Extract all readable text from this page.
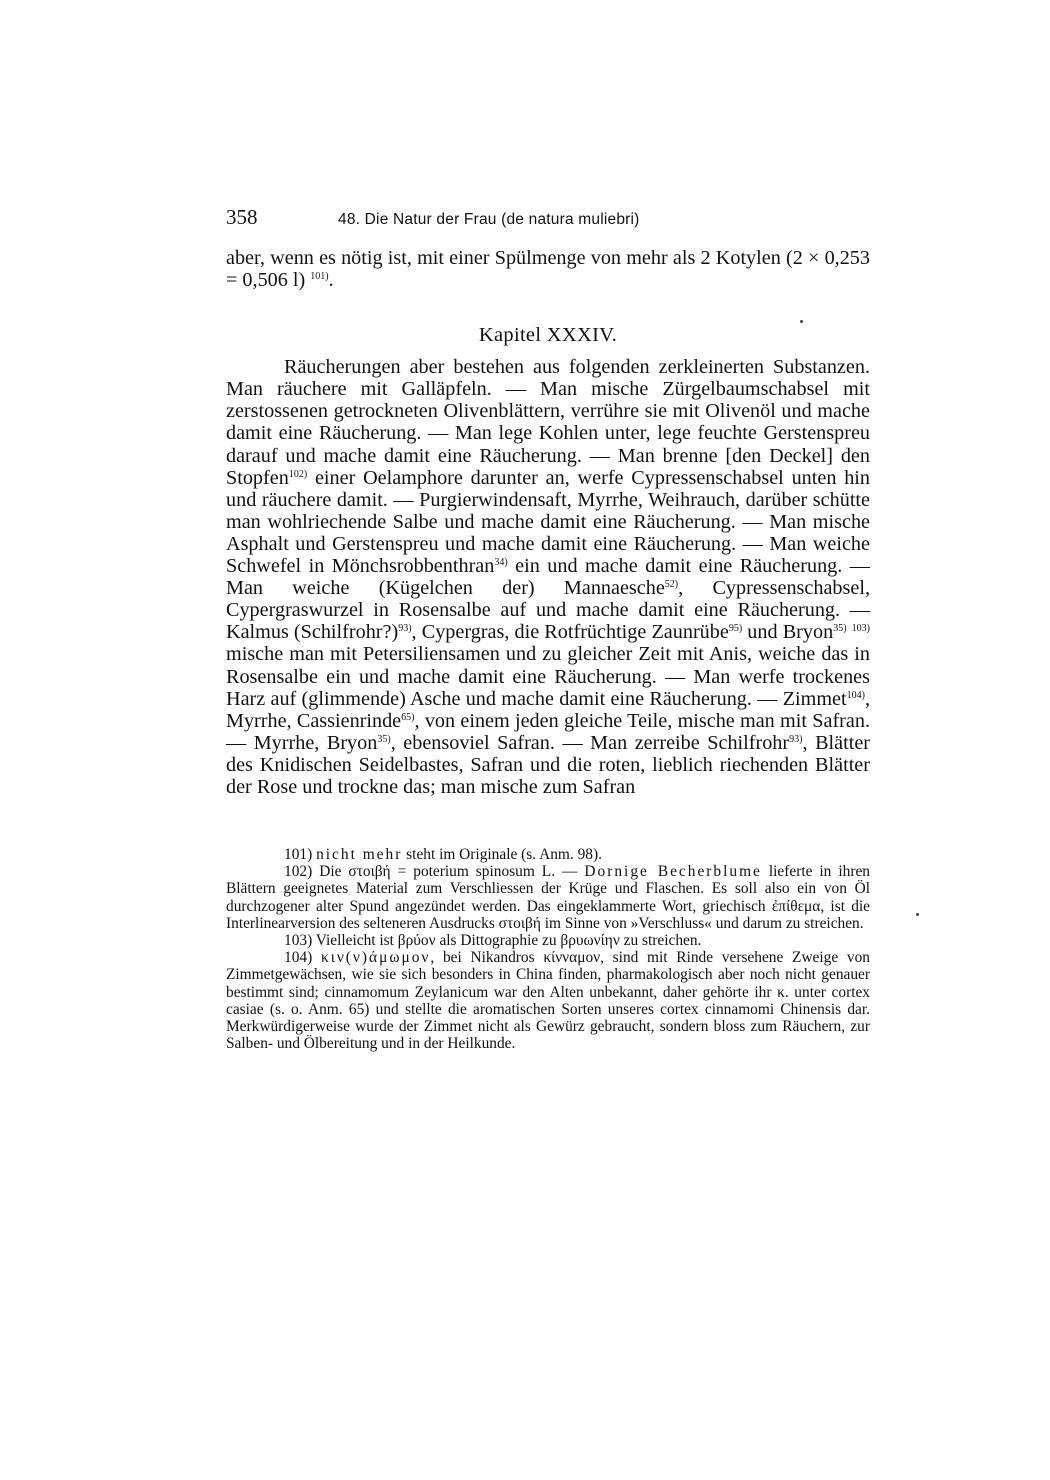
358	48. Die Natur der Frau (de natura muliebri)

aber, wenn es nötig ist, mit einer Spülmenge von mehr als 2 Kotylen (2 × 0,253 = 0,506 l) $^{101)}$.

Kapitel XXXIV.

Räucherungen aber bestehen aus folgenden zerkleinerten Substanzen. Man räuchere mit Galläpfeln. — Man mische Zürgelbaumschabsel mit zerstossenen getrockneten Olivenblättern, verrühre sie mit Olivenöl und mache damit eine Räucherung. — Man lege Kohlen unter, lege feuchte Gerstenspreu darauf und mache damit eine Räucherung. — Man brenne [den Deckel] den Stopfen$^{102)}$ einer Oelamphore darunter an, werfe Cypressenschabsel unten hin und räuchere damit. — Purgierwindensaft, Myrrhe, Weihrauch, darüber schütte man wohlriechende Salbe und mache damit eine Räucherung. — Man mische Asphalt und Gerstenspreu und mache damit eine Räucherung. — Man weiche Schwefel in Mönchsrobbenthran$^{34)}$ ein und mache damit eine Räucherung. — Man weiche (Kügelchen der) Mannaesche$^{52)}$, Cypressenschabsel, Cypergraswurzel in Rosensalbe auf und mache damit eine Räucherung. — Kalmus (Schilfrohr?)$^{93)}$, Cypergras, die Rotfrüchtige Zaunrübe$^{95)}$ und Bryon$^{35)}$ $^{103)}$ mische man mit Petersiliensamen und zu gleicher Zeit mit Anis, weiche das in Rosensalbe ein und mache damit eine Räucherung. — Man werfe trockenes Harz auf (glimmende) Asche und mache damit eine Räucherung. — Zimmet$^{104)}$, Myrrhe, Cassienrinde$^{65)}$, von einem jeden gleiche Teile, mische man mit Safran. — Myrrhe, Bryon$^{35)}$, ebensoviel Safran. — Man zerreibe Schilfrohr$^{93)}$, Blätter des Knidischen Seidelbastes, Safran und die roten, lieblich riechenden Blätter der Rose und trockne das; man mische zum Safran

101) nicht mehr steht im Originale (s. Anm. 98).

102) Die στοιβή = poterium spinosum L. — Dornige Becherblume lieferte in ihren Blättern geeignetes Material zum Verschliessen der Krüge und Flaschen. Es soll also ein von Öl durchzogener alter Spund angezündet werden. Das eingeklammerte Wort, griechisch ἐπίθεμα, ist die Interlinearversion des selteneren Ausdrucks στοιβή im Sinne von »Verschluss« und darum zu streichen.

103) Vielleicht ist βρύον als Dittographie zu βρυωνίην zu streichen.

104) κιν(ν)άμωμον, bei Nikandros κίνναμον, sind mit Rinde versehene Zweige von Zimmetgewächsen, wie sie sich besonders in China finden, pharmakologisch aber noch nicht genauer bestimmt sind; cinnamomum Zeylanicum war den Alten unbekannt, daher gehörte ihr κ. unter cortex casiae (s. o. Anm. 65) und stellte die aromatischen Sorten unseres cortex cinnamomi Chinensis dar. Merkwürdigerweise wurde der Zimmet nicht als Gewürz gebraucht, sondern bloss zum Räuchern, zur Salben- und Ölbereitung und in der Heilkunde.
